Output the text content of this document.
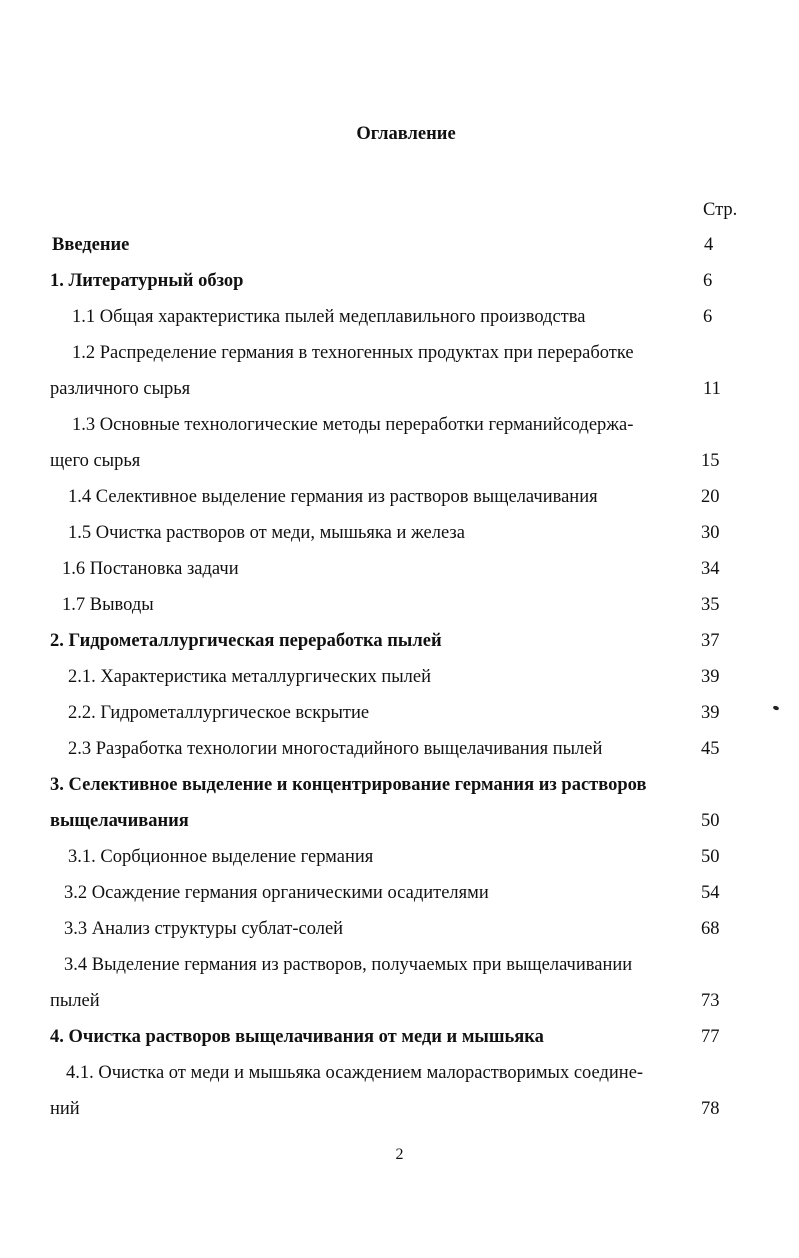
Оглавление
Стр.
Введение	4
1. Литературный обзор	6
1.1 Общая характеристика пылей медеплавильного производства	6
1.2 Распределение германия в техногенных продуктах при переработке
различного сырья	11
1.3 Основные технологические методы переработки германийсодержа-
щего сырья	15
1.4 Селективное выделение германия из растворов выщелачивания	20
1.5 Очистка растворов от меди, мышьяка и железа	30
1.6 Постановка задачи	34
1.7 Выводы	35
2. Гидрометаллургическая переработка пылей	37
2.1. Характеристика металлургических пылей	39
2.2. Гидрометаллургическое вскрытие	39
2.3 Разработка технологии многостадийного выщелачивания пылей	45
3. Селективное выделение и концентрирование германия из растворов
выщелачивания	50
3.1. Сорбционное выделение германия	50
3.2 Осаждение германия органическими осадителями	54
3.3 Анализ структуры сублат-солей	68
3.4 Выделение германия из растворов, получаемых при выщелачивании
пылей	73
4. Очистка растворов выщелачивания от меди и мышьяка	77
4.1. Очистка от меди и мышьяка осаждением малорастворимых соедине-
ний	78
2
